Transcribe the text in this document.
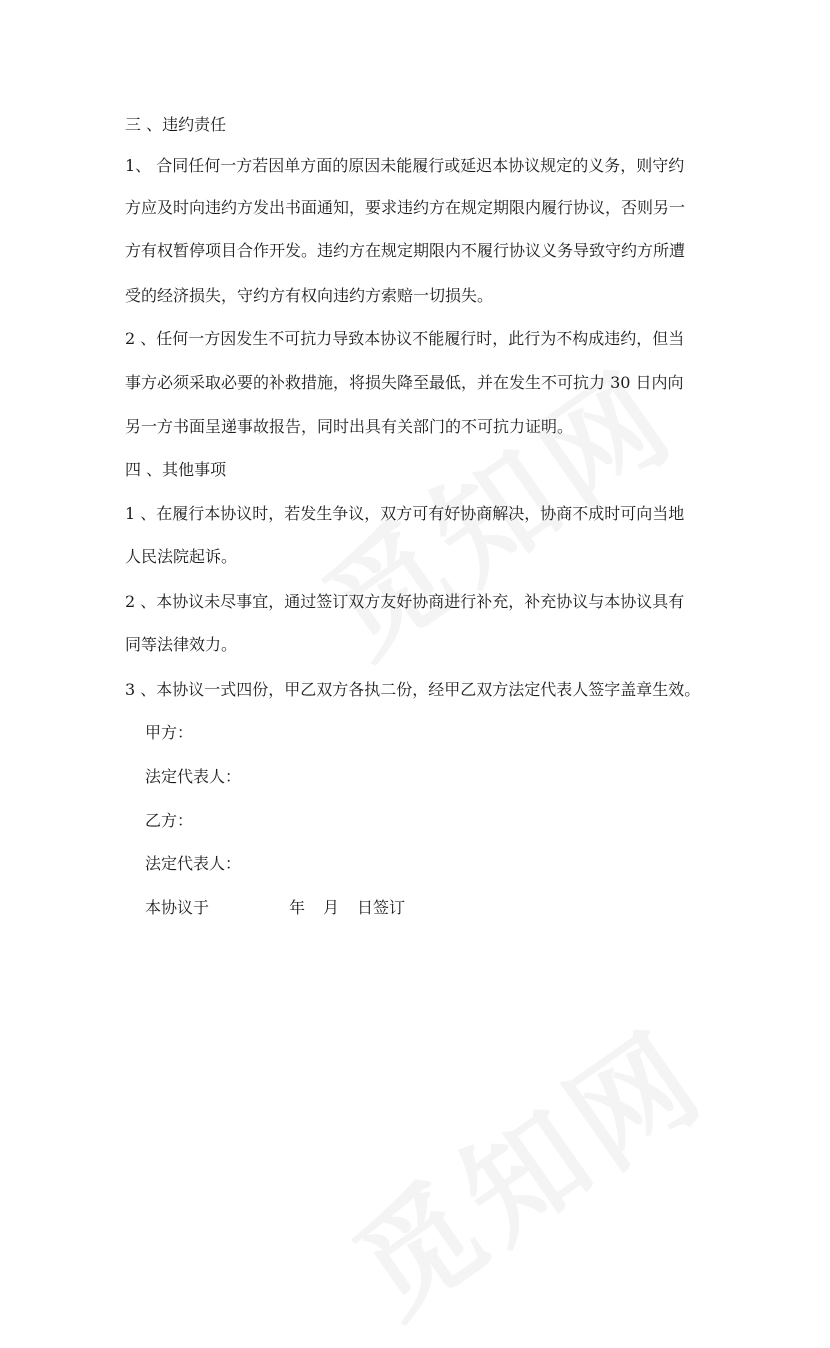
三 、违约责任
1、 合同任何一方若因单方面的原因未能履行或延迟本协议规定的义务，则守约
方应及时向违约方发出书面通知，要求违约方在规定期限内履行协议，否则另一
方有权暂停项目合作开发。违约方在规定期限内不履行协议义务导致守约方所遭
受的经济损失，守约方有权向违约方索赔一切损失。
2 、任何一方因发生不可抗力导致本协议不能履行时，此行为不构成违约，但当
事方必须采取必要的补救措施，将损失降至最低，并在发生不可抗力 30 日内向
另一方书面呈递事故报告，同时出具有关部门的不可抗力证明。
四 、其他事项
1 、在履行本协议时，若发生争议，双方可有好协商解决，协商不成时可向当地
人民法院起诉。
2 、本协议未尽事宜，通过签订双方友好协商进行补充，补充协议与本协议具有
同等法律效力。
3 、本协议一式四份，甲乙双方各执二份，经甲乙双方法定代表人签字盖章生效。
甲方：
法定代表人：
乙方：
法定代表人：
本协议于	年 月 日签订
